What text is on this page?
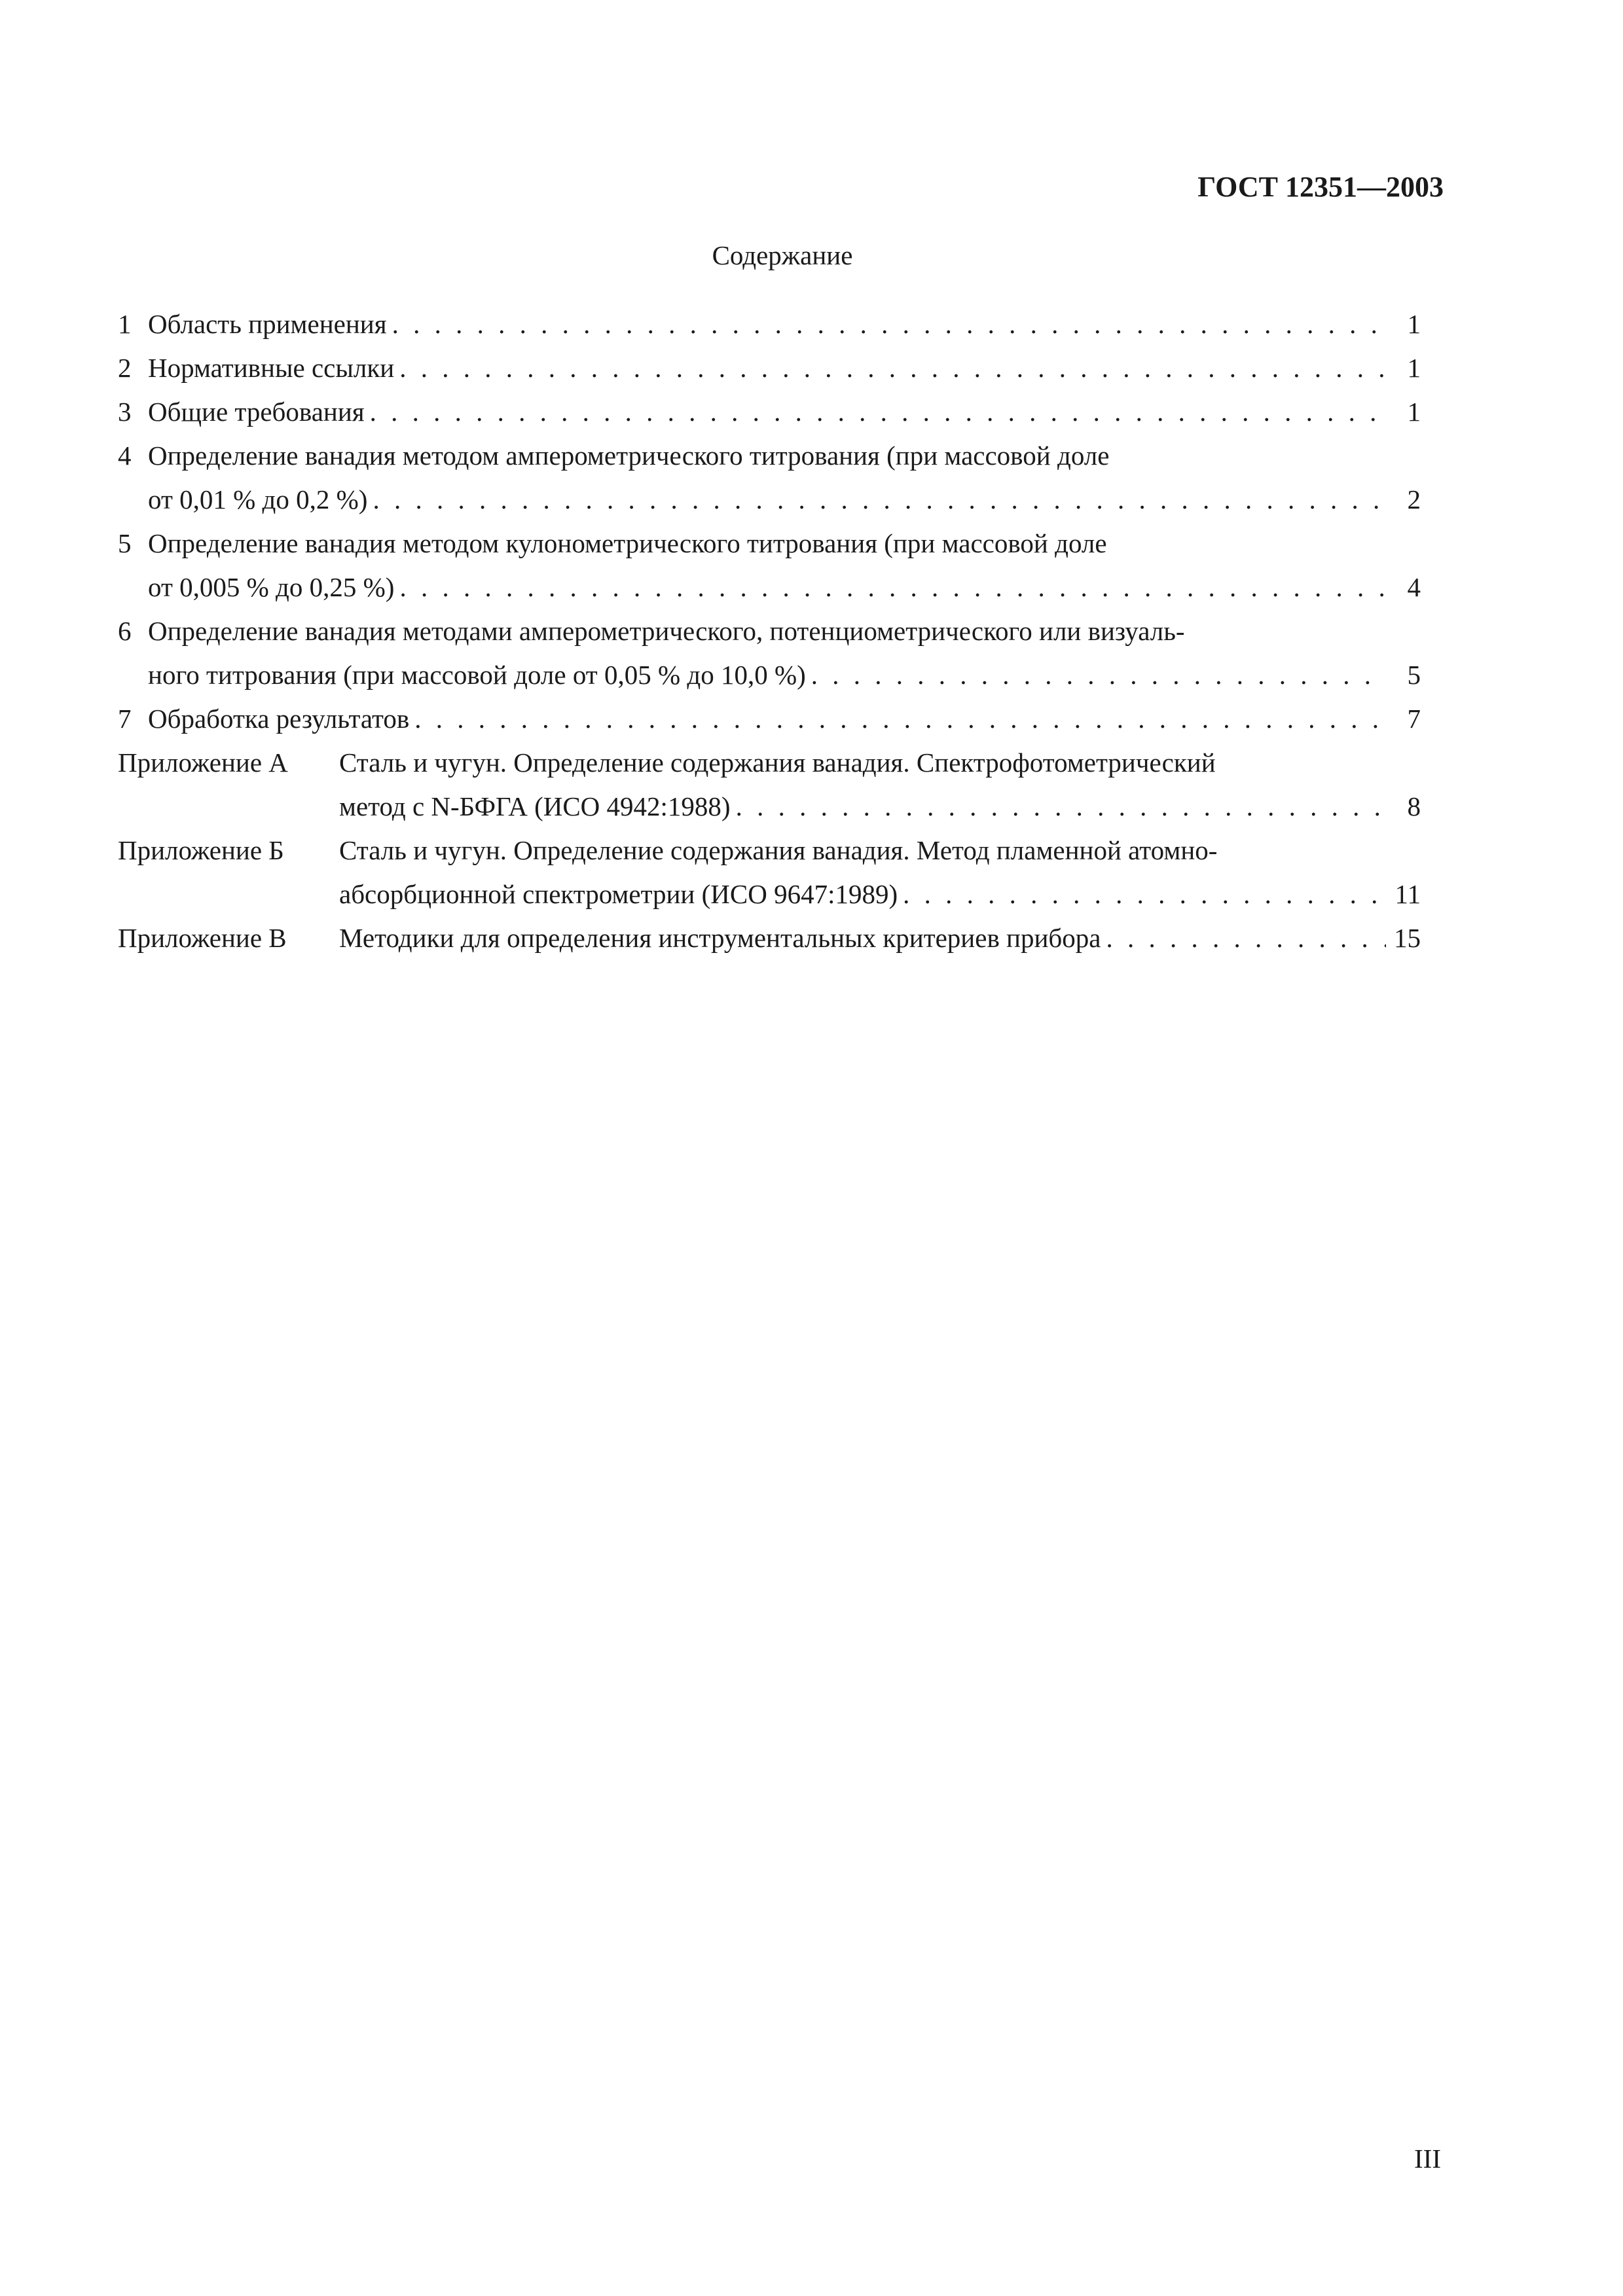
ГОСТ 12351—2003
Содержание
1 Область применения . . .	1
2 Нормативные ссылки . . .	1
3 Общие требования . . .	1
4 Определение ванадия методом амперометрического титрования (при массовой доле
от 0,01 % до 0,2 %) . . .	2
5 Определение ванадия методом кулонометрического титрования (при массовой доле
от 0,005 % до 0,25 %) . . .	4
6 Определение ванадия методами амперометрического, потенциометрического или визуаль-
ного титрования (при массовой доле от 0,05 % до 10,0 %) . . .	5
7 Обработка результатов . . .	7
Приложение А	Сталь и чугун. Определение содержания ванадия. Спектрофотометрический
метод с N-БФГА (ИСО 4942:1988) . . .	8
Приложение Б	Сталь и чугун. Определение содержания ванадия. Метод пламенной атомно-
абсорбционной спектрометрии (ИСО 9647:1989) . . .	11
Приложение В	Методики для определения инструментальных критериев прибора . . .	15
III
